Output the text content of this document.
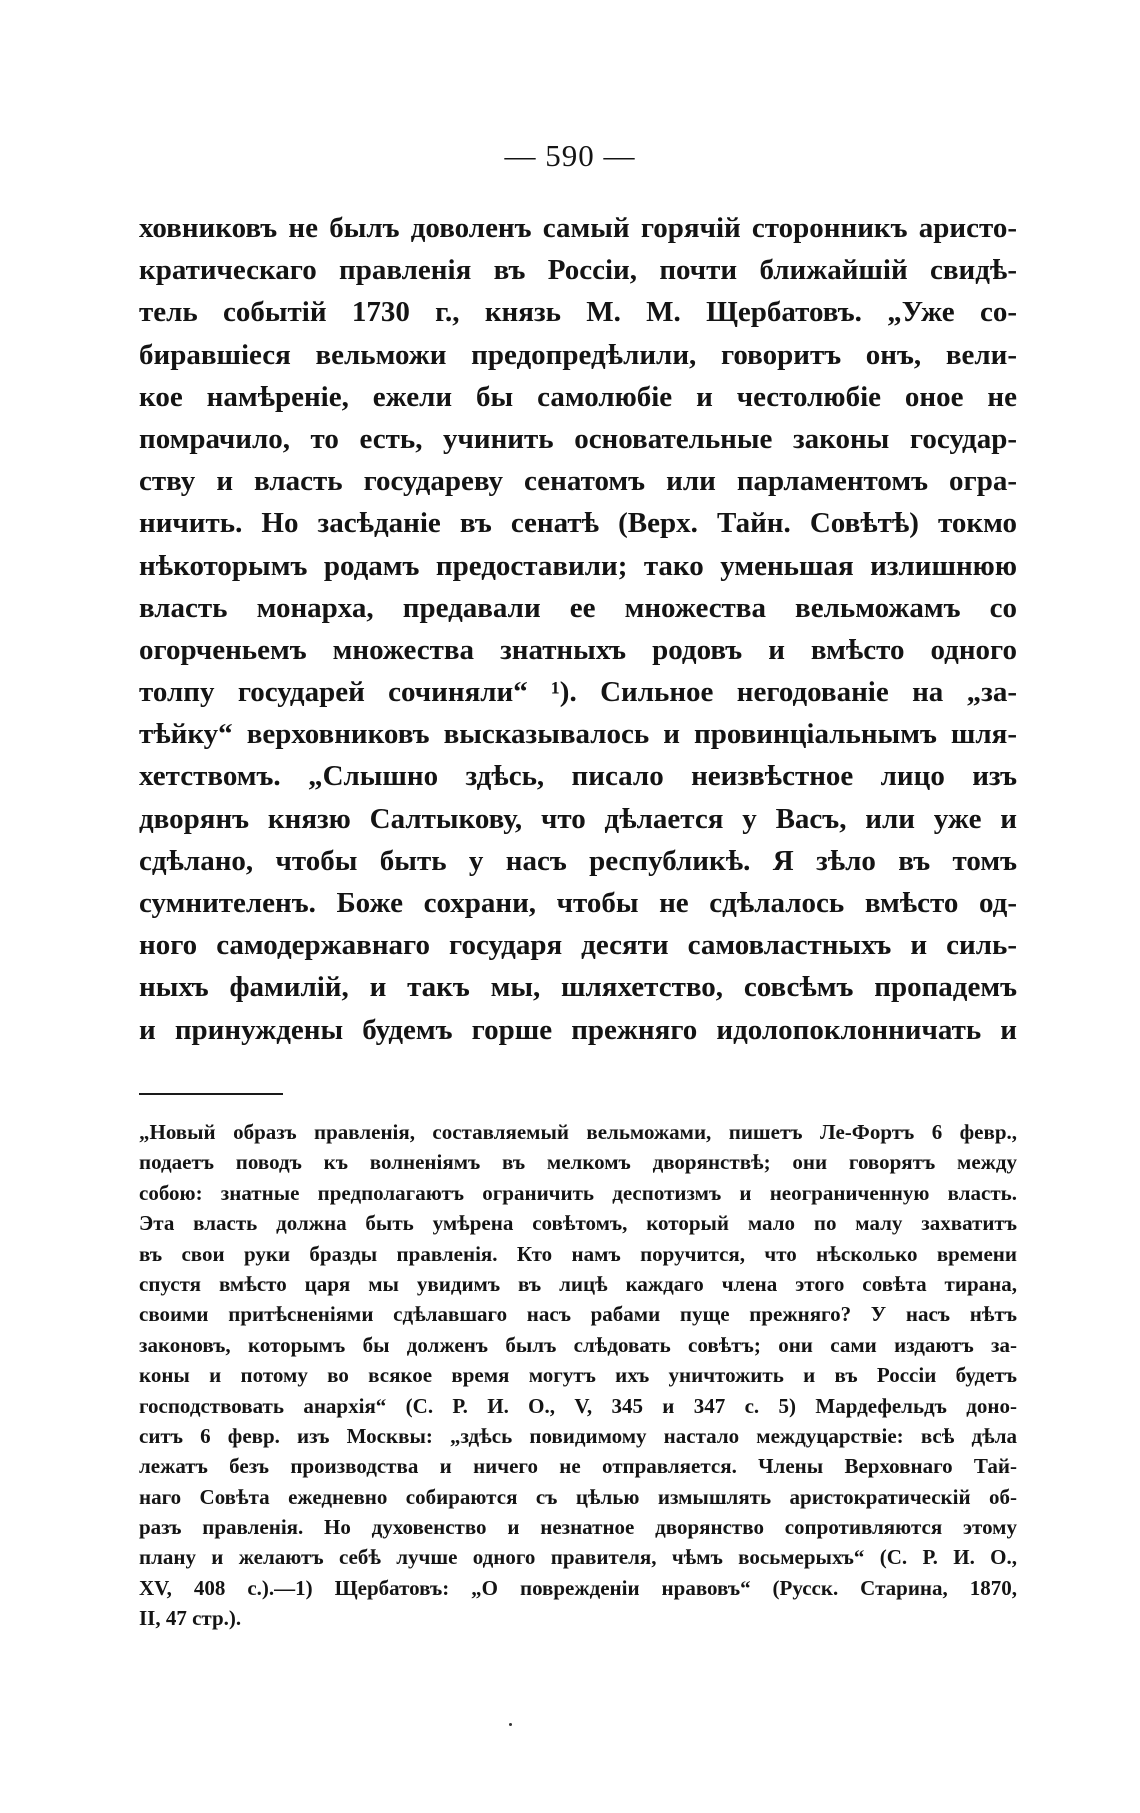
— 590 —
ховниковъ не былъ доволенъ самый горячій сторонникъ аристо-
кратическаго правленія въ Россіи, почти ближайшій свидѣ-
тель событій 1730 г., князь М. М. Щербатовъ. „Уже со-
биравшіеся вельможи предопредѣлили, говоритъ онъ, вели-
кое намѣреніе, ежели бы самолюбіе и честолюбіе оное не
помрачило, то есть, учинить основательные законы государ-
ству и власть государеву сенатомъ или парламентомъ огра-
ничить. Но засѣданіе въ сенатѣ (Верх. Тайн. Совѣтѣ) токмо
нѣкоторымъ родамъ предоставили; тако уменьшая излишнюю
власть монарха, предавали ее множества вельможамъ со
огорченьемъ множества знатныхъ родовъ и вмѣсто одного
толпу государей сочиняли“ ¹). Сильное негодованіе на „за-
тѣйку“ верховниковъ высказывалось и провинціальнымъ шля-
хетствомъ. „Слышно здѣсь, писало неизвѣстное лицо изъ
дворянъ князю Салтыкову, что дѣлается у Васъ, или уже и
сдѣлано, чтобы быть у насъ республикѣ. Я зѣло въ томъ
сумнителенъ. Боже сохрани, чтобы не сдѣлалось вмѣсто од-
ного самодержавнаго государя десяти самовластныхъ и силь-
ныхъ фамилій, и такъ мы, шляхетство, совсѣмъ пропадемъ
и принуждены будемъ горше прежняго идолопоклонничать и
„Новый образъ правленія, составляемый вельможами, пишетъ Ле-Фортъ 6 февр.,
подаетъ поводъ къ волненіямъ въ мелкомъ дворянствѣ; они говорятъ между
собою: знатные предполагаютъ ограничить деспотизмъ и неограниченную власть.
Эта власть должна быть умѣрена совѣтомъ, который мало по малу захватитъ
въ свои руки бразды правленія. Кто намъ поручится, что нѣсколько времени
спустя вмѣсто царя мы увидимъ въ лицѣ каждаго члена этого совѣта тирана,
своими притѣсненіями сдѣлавшаго насъ рабами пуще прежняго? У насъ нѣтъ
законовъ, которымъ бы долженъ былъ слѣдовать совѣтъ; они сами издаютъ за-
коны и потому во всякое время могутъ ихъ уничтожить и въ Россіи будетъ
господствовать анархія“ (С. Р. И. О., V, 345 и 347 с. 5) Мардефельдъ доно-
ситъ 6 февр. изъ Москвы: „здѣсь повидимому настало междуцарствіе: всѣ дѣла
лежатъ безъ производства и ничего не отправляется. Члены Верховнаго Тай-
наго Совѣта ежедневно собираются съ цѣлью измышлять аристократическій об-
разъ правленія. Но духовенство и незнатное дворянство сопротивляются этому
плану и желаютъ себѣ лучше одного правителя, чѣмъ восьмерыхъ“ (С. Р. И. О.,
XV, 408 с.).—1) Щербатовъ: „О поврежденіи нравовъ“ (Русск. Старина, 1870,
II, 47 стр.).
